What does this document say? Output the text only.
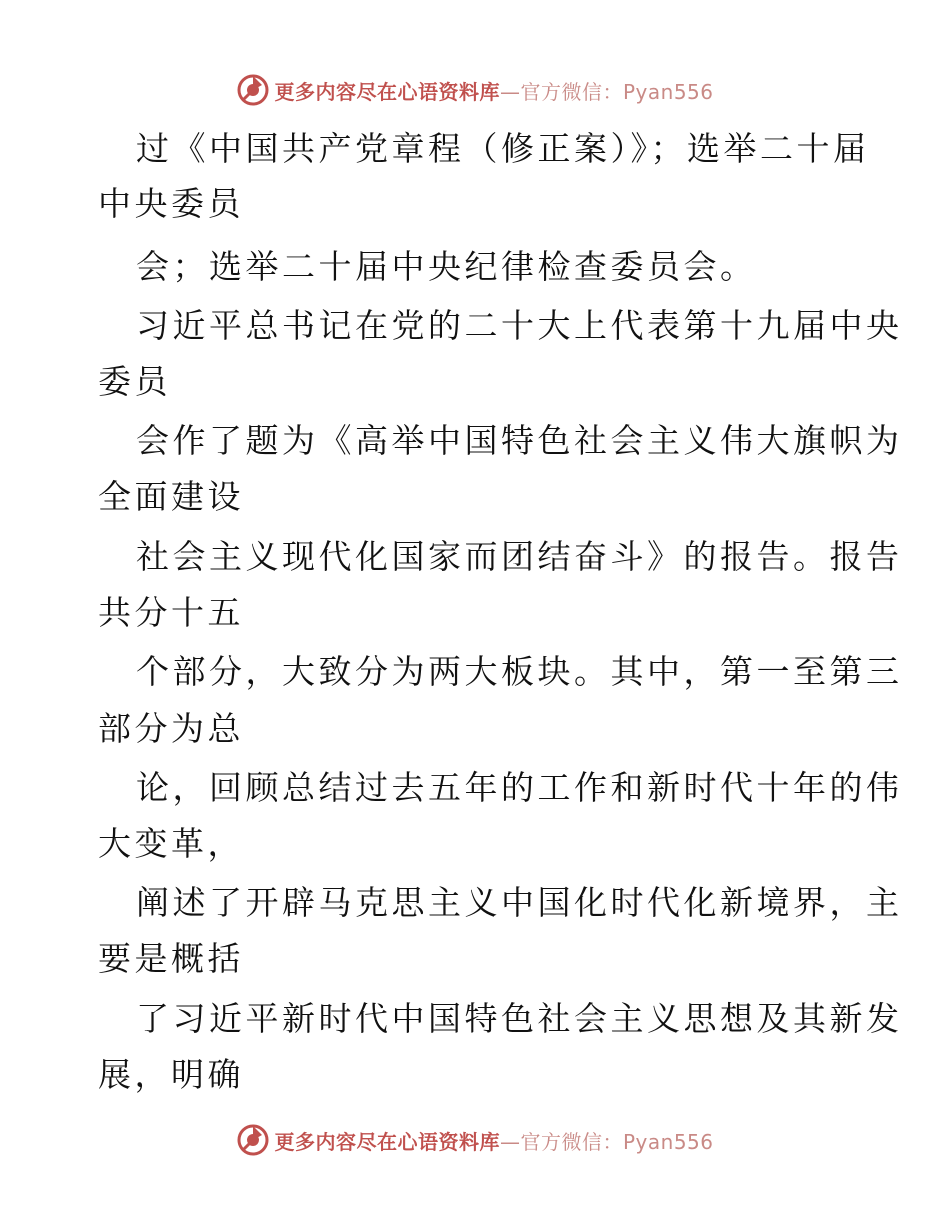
更多内容尽在心语资料库—官方微信：Pyan556
过《中国共产党章程（修正案）》；选举二十届
中央委员
会；选举二十届中央纪律检查委员会。
习近平总书记在党的二十大上代表第十九届中央
委员
会作了题为《高举中国特色社会主义伟大旗帜为
全面建设
社会主义现代化国家而团结奋斗》的报告。报告
共分十五
个部分，大致分为两大板块。其中，第一至第三
部分为总
论，回顾总结过去五年的工作和新时代十年的伟
大变革，
阐述了开辟马克思主义中国化时代化新境界，主
要是概括
了习近平新时代中国特色社会主义思想及其新发
展，明确
更多内容尽在心语资料库—官方微信：Pyan556
